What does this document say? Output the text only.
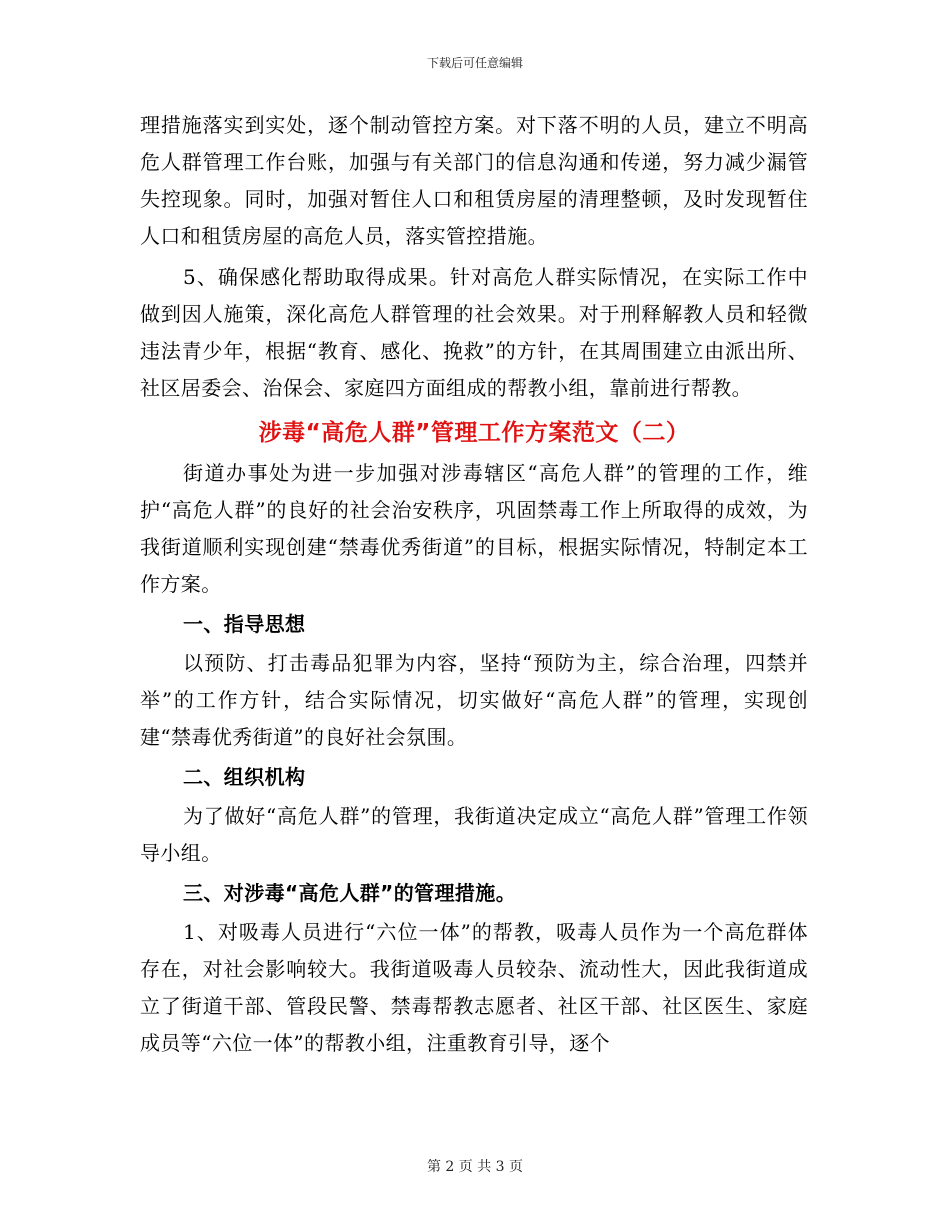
下载后可任意编辑

理措施落实到实处，逐个制动管控方案。对下落不明的人员，建立不明高危人群管理工作台账，加强与有关部门的信息沟通和传递，努力减少漏管失控现象。同时，加强对暂住人口和租赁房屋的清理整顿，及时发现暂住人口和租赁房屋的高危人员，落实管控措施。

5、确保感化帮助取得成果。针对高危人群实际情况，在实际工作中做到因人施策，深化高危人群管理的社会效果。对于刑释解教人员和轻微违法青少年，根据“教育、感化、挽救”的方针，在其周围建立由派出所、社区居委会、治保会、家庭四方面组成的帮教小组，靠前进行帮教。

涉毒“高危人群”管理工作方案范文（二）

街道办事处为进一步加强对涉毒辖区“高危人群”的管理的工作，维护“高危人群”的良好的社会治安秩序，巩固禁毒工作上所取得的成效，为我街道顺利实现创建“禁毒优秀街道”的目标，根据实际情况，特制定本工作方案。

一、指导思想

以预防、打击毒品犯罪为内容，坚持“预防为主，综合治理，四禁并举”的工作方针，结合实际情况，切实做好“高危人群”的管理，实现创建“禁毒优秀街道”的良好社会氛围。

二、组织机构

为了做好“高危人群”的管理，我街道决定成立“高危人群”管理工作领导小组。

三、对涉毒“高危人群”的管理措施。

1、对吸毒人员进行“六位一体”的帮教，吸毒人员作为一个高危群体存在，对社会影响较大。我街道吸毒人员较杂、流动性大，因此我街道成立了街道干部、管段民警、禁毒帮教志愿者、社区干部、社区医生、家庭成员等“六位一体”的帮教小组，注重教育引导，逐个

第 2 页 共 3 页
